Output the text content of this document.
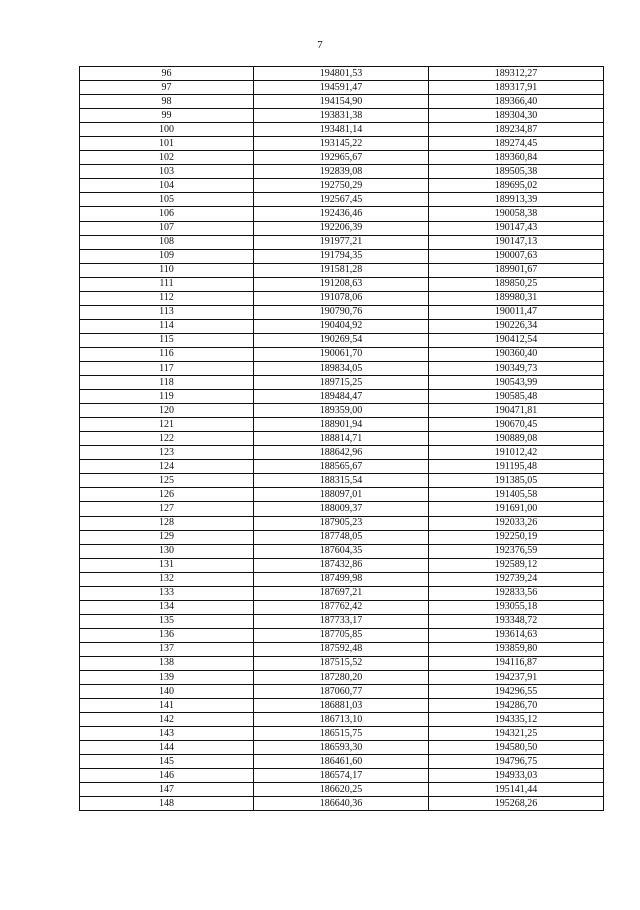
7
96	194801,53	189312,27
97	194591,47	189317,91
98	194154,90	189366,40
99	193831,38	189304,30
100	193481,14	189234,87
101	193145,22	189274,45
102	192965,67	189360,84
103	192839,08	189505,38
104	192750,29	189695,02
105	192567,45	189913,39
106	192436,46	190058,38
107	192206,39	190147,43
108	191977,21	190147,13
109	191794,35	190007,63
110	191581,28	189901,67
111	191208,63	189850,25
112	191078,06	189980,31
113	190790,76	190011,47
114	190404,92	190226,34
115	190269,54	190412,54
116	190061,70	190360,40
117	189834,05	190349,73
118	189715,25	190543,99
119	189484,47	190585,48
120	189359,00	190471,81
121	188901,94	190670,45
122	188814,71	190889,08
123	188642,96	191012,42
124	188565,67	191195,48
125	188315,54	191385,05
126	188097,01	191405,58
127	188009,37	191691,00
128	187905,23	192033,26
129	187748,05	192250,19
130	187604,35	192376,59
131	187432,86	192589,12
132	187499,98	192739,24
133	187697,21	192833,56
134	187762,42	193055,18
135	187733,17	193348,72
136	187705,85	193614,63
137	187592,48	193859,80
138	187515,52	194116,87
139	187280,20	194237,91
140	187060,77	194296,55
141	186881,03	194286,70
142	186713,10	194335,12
143	186515,75	194321,25
144	186593,30	194580,50
145	186461,60	194796,75
146	186574,17	194933,03
147	186620,25	195141,44
148	186640,36	195268,26
